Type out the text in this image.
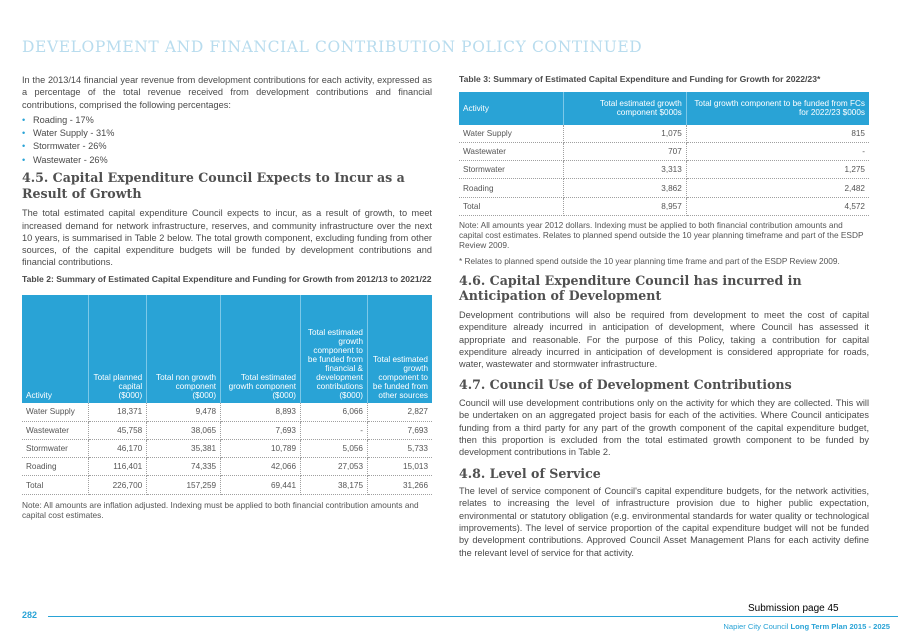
DEVELOPMENT AND FINANCIAL CONTRIBUTION POLICY CONTINUED

In the 2013/14 financial year revenue from development contributions for each activity, expressed as a percentage of the total revenue received from development contributions and financial contributions, comprised the following percentages:

• Roading - 17%
• Water Supply - 31%
• Stormwater - 26%
• Wastewater - 26%
4.5. Capital Expenditure Council Expects to Incur as a Result of Growth

The total estimated capital expenditure Council expects to incur, as a result of growth, to meet increased demand for network infrastructure, reserves, and community infrastructure over the next 10 years, is summarised in Table 2 below. The total growth component, excluding funding from other sources, of the capital expenditure budgets will be funded by development contributions and financial contributions.

Table 2: Summary of Estimated Capital Expenditure and Funding for Growth from 2012/13 to 2021/22
Activity	Total planned capital ($000)	Total non growth component ($000)	Total estimated growth component ($000)	Total estimated growth component to be funded from financial & development contributions ($000)	Total estimated growth component to be funded from other sources
Water Supply	18,371	9,478	8,893	6,066	2,827
Wastewater	45,758	38,065	7,693	-	7,693
Stormwater	46,170	35,381	10,789	5,056	5,733
Roading	116,401	74,335	42,066	27,053	15,013
Total	226,700	157,259	69,441	38,175	31,266
Note: All amounts are inflation adjusted. Indexing must be applied to both financial contribution amounts and capital cost estimates.
Table 3: Summary of Estimated Capital Expenditure and Funding for Growth for 2022/23*
Activity	Total estimated growth component $000s	Total growth component to be funded from FCs for 2022/23 $000s
Water Supply	1,075	815
Wastewater	707	-
Stormwater	3,313	1,275
Roading	3,862	2,482
Total	8,957	4,572
Note: All amounts year 2012 dollars. Indexing must be applied to both financial contribution amounts and capital cost estimates. Relates to planned spend outside the 10 year planning timeframe and part of the ESDP Review 2009.
* Relates to planned spend outside the 10 year planning time frame and part of the ESDP Review 2009.
4.6. Capital Expenditure Council has incurred in Anticipation of Development

Development contributions will also be required from development to meet the cost of capital expenditure already incurred in anticipation of development, where Council has assessed it appropriate and reasonable. For the purpose of this Policy, taking a contribution for capital expenditure already incurred in anticipation of development is considered appropriate for roads, water, wastewater and stormwater infrastructure.

4.7. Council Use of Development Contributions

Council will use development contributions only on the activity for which they are collected. This will be undertaken on an aggregated project basis for each of the activities. Where Council anticipates funding from a third party for any part of the growth component of the capital expenditure budget, then this proportion is excluded from the total estimated growth component to be funded by development contributions in Table 2.

4.8. Level of Service

The level of service component of Council's capital expenditure budgets, for the network activities, relates to increasing the level of infrastructure provision due to higher public expectation, environmental or statutory obligation (e.g. environmental standards for water quality or technological improvements). The level of service proportion of the capital expenditure budget will not be funded by development contributions. Approved Council Asset Management Plans for each activity define the relevant level of service for that activity.

282
Submission page 45
Napier City Council Long Term Plan 2015 - 2025
